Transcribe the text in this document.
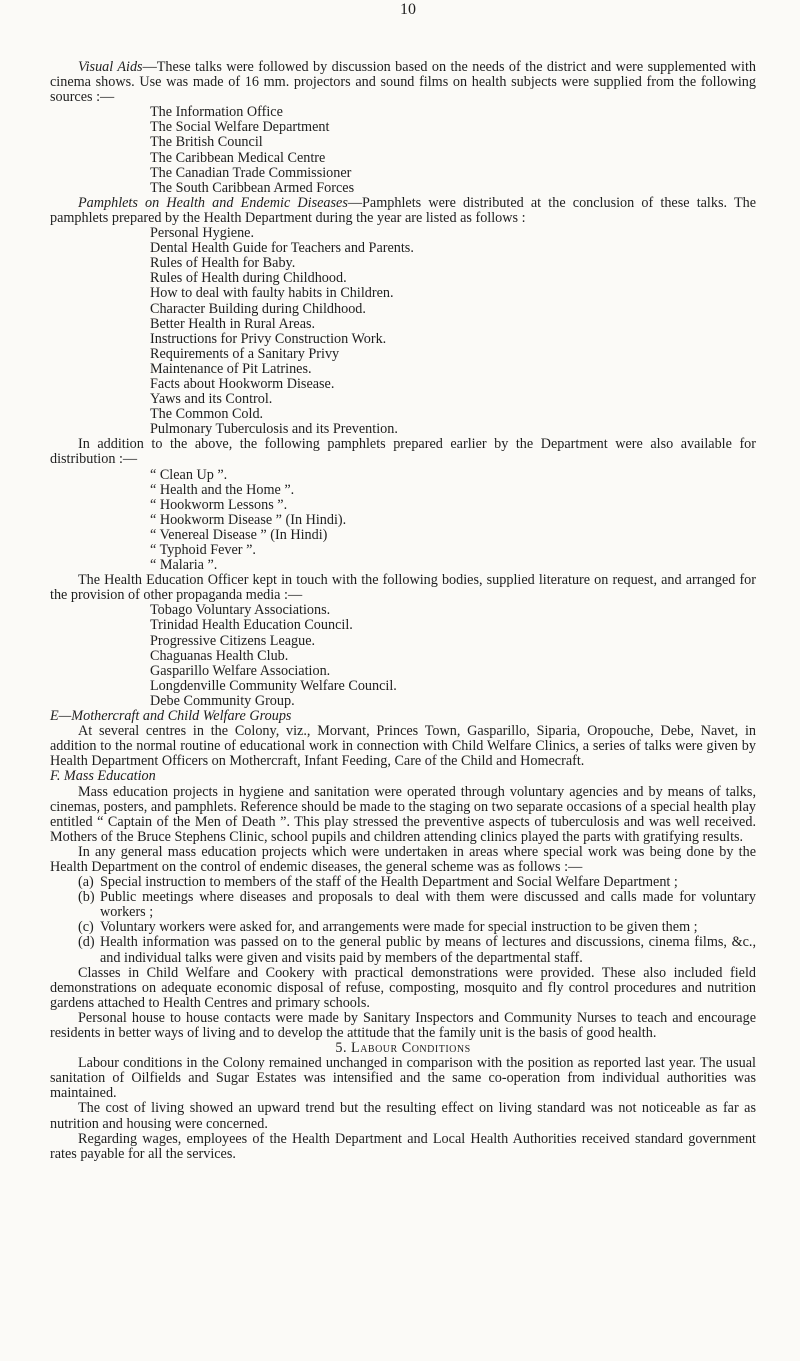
10

Visual Aids—These talks were followed by discussion based on the needs of the district and were supplemented with cinema shows. Use was made of 16 mm. projectors and sound films on health subjects were supplied from the following sources :—

The Information Office
The Social Welfare Department
The British Council
The Caribbean Medical Centre
The Canadian Trade Commissioner
The South Caribbean Armed Forces

Pamphlets on Health and Endemic Diseases—Pamphlets were distributed at the conclusion of these talks. The pamphlets prepared by the Health Department during the year are listed as follows :

Personal Hygiene.
Dental Health Guide for Teachers and Parents.
Rules of Health for Baby.
Rules of Health during Childhood.
How to deal with faulty habits in Children.
Character Building during Childhood.
Better Health in Rural Areas.
Instructions for Privy Construction Work.
Requirements of a Sanitary Privy
Maintenance of Pit Latrines.
Facts about Hookworm Disease.
Yaws and its Control.
The Common Cold.
Pulmonary Tuberculosis and its Prevention.

In addition to the above, the following pamphlets prepared earlier by the Department were also available for distribution :—

“ Clean Up ”.
“ Health and the Home ”.
“ Hookworm Lessons ”.
“ Hookworm Disease ” (In Hindi).
“ Venereal Disease ” (In Hindi)
“ Typhoid Fever ”.
“ Malaria ”.

The Health Education Officer kept in touch with the following bodies, supplied literature on request, and arranged for the provision of other propaganda media :—

Tobago Voluntary Associations.
Trinidad Health Education Council.
Progressive Citizens League.
Chaguanas Health Club.
Gasparillo Welfare Association.
Longdenville Community Welfare Council.
Debe Community Group.

E—Mothercraft and Child Welfare Groups

At several centres in the Colony, viz., Morvant, Princes Town, Gasparillo, Siparia, Oropouche, Debe, Navet, in addition to the normal routine of educational work in connection with Child Welfare Clinics, a series of talks were given by Health Department Officers on Mothercraft, Infant Feeding, Care of the Child and Homecraft.

F. Mass Education

Mass education projects in hygiene and sanitation were operated through voluntary agencies and by means of talks, cinemas, posters, and pamphlets. Reference should be made to the staging on two separate occasions of a special health play entitled “ Captain of the Men of Death ”. This play stressed the preventive aspects of tuberculosis and was well received. Mothers of the Bruce Stephens Clinic, school pupils and children attending clinics played the parts with gratifying results.

In any general mass education projects which were undertaken in areas where special work was being done by the Health Department on the control of endemic diseases, the general scheme was as follows :—

(a) Special instruction to members of the staff of the Health Department and Social Welfare Department ;
(b) Public meetings where diseases and proposals to deal with them were discussed and calls made for voluntary workers ;
(c) Voluntary workers were asked for, and arrangements were made for special instruction to be given them ;
(d) Health information was passed on to the general public by means of lectures and discussions, cinema films, &c., and individual talks were given and visits paid by members of the departmental staff.

Classes in Child Welfare and Cookery with practical demonstrations were provided. These also included field demonstrations on adequate economic disposal of refuse, composting, mosquito and fly control procedures and nutrition gardens attached to Health Centres and primary schools.

Personal house to house contacts were made by Sanitary Inspectors and Community Nurses to teach and encourage residents in better ways of living and to develop the attitude that the family unit is the basis of good health.

5. Labour Conditions

Labour conditions in the Colony remained unchanged in comparison with the position as reported last year. The usual sanitation of Oilfields and Sugar Estates was intensified and the same co-operation from individual authorities was maintained.

The cost of living showed an upward trend but the resulting effect on living standard was not noticeable as far as nutrition and housing were concerned.

Regarding wages, employees of the Health Department and Local Health Authorities received standard government rates payable for all the services.
